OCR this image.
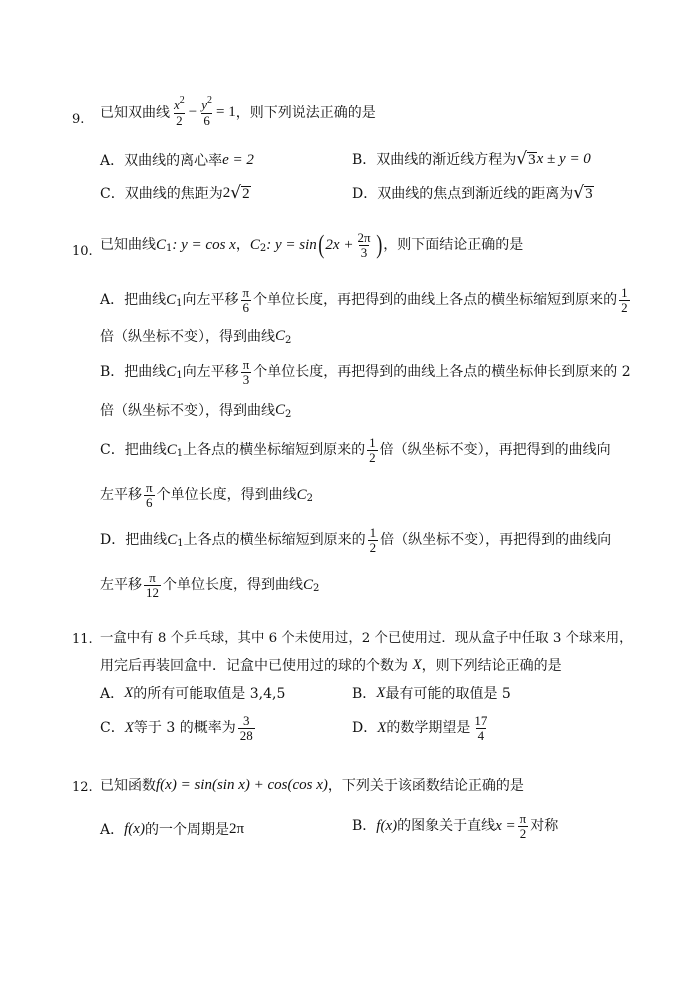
9. 已知双曲线 $\frac{x^2}{2} - \frac{y^2}{6} = 1$ ，则下列说法正确的是
A．双曲线的离心率 e = 2	B．双曲线的渐近线方程为 √ 3 x ± y = 0
C．双曲线的焦距为 2 √ 2	D．双曲线的焦点到渐近线的距离为 √ 3
10. 已知曲线 C 1 : y = cos x ， C 2 : y = sin ( $2x + \frac{2\pi}{3}$ ) ，则下面结论正确的是
A．把曲线 C 1 向左平移 $\frac{\pi}{6}$ 个单位长度，再把得到的曲线上各点的横坐标缩短到原来的 $\frac{1}{2}$
倍（纵坐标不变），得到曲线 C 2
B．把曲线 C 1 向左平移 $\frac{\pi}{3}$ 个单位长度，再把得到的曲线上各点的横坐标伸长到原来的 2
倍（纵坐标不变），得到曲线 C 2
C．把曲线 C 1 上各点的横坐标缩短到原来的 $\frac{1}{2}$ 倍（纵坐标不变），再把得到的曲线向
左平移 $\frac{\pi}{6}$ 个单位长度，得到曲线 C 2
D．把曲线 C 1 上各点的横坐标缩短到原来的 $\frac{1}{2}$ 倍（纵坐标不变），再把得到的曲线向
左平移 $\frac{\pi}{12}$ 个单位长度，得到曲线 C 2
11. 一盒中有 8 个乒乓球，其中 6 个未使用过，2 个已使用过．现从盒子中任取 3 个球来用，
用完后再装回盒中．记盒中已使用过的球的个数为
X ，则下列结论正确的是
A． X 的所有可能取值是 3,4,5	B． X 最有可能的取值是 5
C． X 等于 3 的概率为 $\frac{3}{28}$	D． X 的数学期望是 $\frac{17}{4}$
12. 已知函数 f(x) = sin(sin x) + cos(cos x) ，下列关于该函数结论正确的是
A． f(x) 的一个周期是 2π	B． f(x) 的图象关于直线 $x = \frac{\pi}{2}$ 对称
